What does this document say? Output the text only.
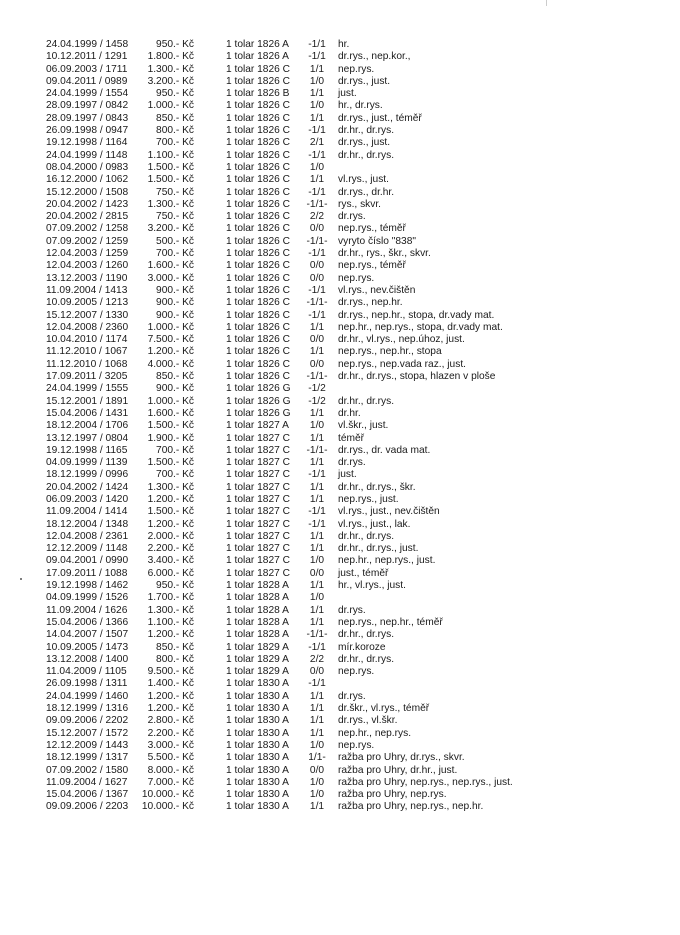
24.04.1999 / 1458	950.- Kč	1 tolar 1826 A	-1/1	hr.
10.12.2011 / 1291	1.800.- Kč	1 tolar 1826 A	-1/1	dr.rys., nep.kor.,
06.09.2003 / 1711	1.300.- Kč	1 tolar 1826 C	1/1	nep.rys.
09.04.2011 / 0989	3.200.- Kč	1 tolar 1826 C	1/0	dr.rys., just.
24.04.1999 / 1554	950.- Kč	1 tolar 1826 B	1/1	just.
28.09.1997 / 0842	1.000.- Kč	1 tolar 1826 C	1/0	hr., dr.rys.
28.09.1997 / 0843	850.- Kč	1 tolar 1826 C	1/1	dr.rys., just., téměř
26.09.1998 / 0947	800.- Kč	1 tolar 1826 C	-1/1	dr.hr., dr.rys.
19.12.1998 / 1164	700.- Kč	1 tolar 1826 C	2/1	dr.rys., just.
24.04.1999 / 1148	1.100.- Kč	1 tolar 1826 C	-1/1	dr.hr., dr.rys.
08.04.2000 / 0983	1.500.- Kč	1 tolar 1826 C	1/0
16.12.2000 / 1062	1.500.- Kč	1 tolar 1826 C	1/1	vl.rys., just.
15.12.2000 / 1508	750.- Kč	1 tolar 1826 C	-1/1	dr.rys., dr.hr.
20.04.2002 / 1423	1.300.- Kč	1 tolar 1826 C	-1/1-	rys., skvr.
20.04.2002 / 2815	750.- Kč	1 tolar 1826 C	2/2	dr.rys.
07.09.2002 / 1258	3.200.- Kč	1 tolar 1826 C	0/0	nep.rys., téměř
07.09.2002 / 1259	500.- Kč	1 tolar 1826 C	-1/1-	vyryto číslo "838"
12.04.2003 / 1259	700.- Kč	1 tolar 1826 C	-1/1	dr.hr., rys., škr., skvr.
12.04.2003 / 1260	1.600.- Kč	1 tolar 1826 C	0/0	nep.rys., téměř
13.12.2003 / 1190	3.000.- Kč	1 tolar 1826 C	0/0	nep.rys.
11.09.2004 / 1413	900.- Kč	1 tolar 1826 C	-1/1	vl.rys., nev.čištěn
10.09.2005 / 1213	900.- Kč	1 tolar 1826 C	-1/1-	dr.rys., nep.hr.
15.12.2007 / 1330	900.- Kč	1 tolar 1826 C	-1/1	dr.rys., nep.hr., stopa, dr.vady mat.
12.04.2008 / 2360	1.000.- Kč	1 tolar 1826 C	1/1	nep.hr., nep.rys., stopa, dr.vady mat.
10.04.2010 / 1174	7.500.- Kč	1 tolar 1826 C	0/0	dr.hr., vl.rys., nep.úhoz, just.
11.12.2010 / 1067	1.200.- Kč	1 tolar 1826 C	1/1	nep.rys., nep.hr., stopa
11.12.2010 / 1068	4.000.- Kč	1 tolar 1826 C	0/0	nep.rys., nep.vada raz., just.
17.09.2011 / 3205	850.- Kč	1 tolar 1826 C	-1/1-	dr.hr., dr.rys., stopa, hlazen v ploše
24.04.1999 / 1555	900.- Kč	1 tolar 1826 G	-1/2
15.12.2001 / 1891	1.000.- Kč	1 tolar 1826 G	-1/2	dr.hr., dr.rys.
15.04.2006 / 1431	1.600.- Kč	1 tolar 1826 G	1/1	dr.hr.
18.12.2004 / 1706	1.500.- Kč	1 tolar 1827 A	1/0	vl.škr., just.
13.12.1997 / 0804	1.900.- Kč	1 tolar 1827 C	1/1	téměř
19.12.1998 / 1165	700.- Kč	1 tolar 1827 C	-1/1-	dr.rys., dr. vada mat.
04.09.1999 / 1139	1.500.- Kč	1 tolar 1827 C	1/1	dr.rys.
18.12.1999 / 0996	700.- Kč	1 tolar 1827 C	-1/1	just.
20.04.2002 / 1424	1.300.- Kč	1 tolar 1827 C	1/1	dr.hr., dr.rys., škr.
06.09.2003 / 1420	1.200.- Kč	1 tolar 1827 C	1/1	nep.rys., just.
11.09.2004 / 1414	1.500.- Kč	1 tolar 1827 C	-1/1	vl.rys., just., nev.čištěn
18.12.2004 / 1348	1.200.- Kč	1 tolar 1827 C	-1/1	vl.rys., just., lak.
12.04.2008 / 2361	2.000.- Kč	1 tolar 1827 C	1/1	dr.hr., dr.rys.
12.12.2009 / 1148	2.200.- Kč	1 tolar 1827 C	1/1	dr.hr., dr.rys., just.
09.04.2001 / 0990	3.400.- Kč	1 tolar 1827 C	1/0	nep.hr., nep.rys., just.
17.09.2011 / 1088	6.000.- Kč	1 tolar 1827 C	0/0	just., téměř
19.12.1998 / 1462	950.- Kč	1 tolar 1828 A	1/1	hr., vl.rys., just.
04.09.1999 / 1526	1.700.- Kč	1 tolar 1828 A	1/0
11.09.2004 / 1626	1.300.- Kč	1 tolar 1828 A	1/1	dr.rys.
15.04.2006 / 1366	1.100.- Kč	1 tolar 1828 A	1/1	nep.rys., nep.hr., téměř
14.04.2007 / 1507	1.200.- Kč	1 tolar 1828 A	-1/1-	dr.hr., dr.rys.
10.09.2005 / 1473	850.- Kč	1 tolar 1829 A	-1/1	mír.koroze
13.12.2008 / 1400	800.- Kč	1 tolar 1829 A	2/2	dr.hr., dr.rys.
11.04.2009 / 1105	9.500.- Kč	1 tolar 1829 A	0/0	nep.rys.
26.09.1998 / 1311	1.400.- Kč	1 tolar 1830 A	-1/1
24.04.1999 / 1460	1.200.- Kč	1 tolar 1830 A	1/1	dr.rys.
18.12.1999 / 1316	1.200.- Kč	1 tolar 1830 A	1/1	dr.škr., vl.rys., téměř
09.09.2006 / 2202	2.800.- Kč	1 tolar 1830 A	1/1	dr.rys., vl.škr.
15.12.2007 / 1572	2.200.- Kč	1 tolar 1830 A	1/1	nep.hr., nep.rys.
12.12.2009 / 1443	3.000.- Kč	1 tolar 1830 A	1/0	nep.rys.
18.12.1999 / 1317	5.500.- Kč	1 tolar 1830 A	1/1-	ražba pro Uhry, dr.rys., skvr.
07.09.2002 / 1580	8.000.- Kč	1 tolar 1830 A	0/0	ražba pro Uhry, dr.hr., just.
11.09.2004 / 1627	7.000.- Kč	1 tolar 1830 A	1/0	ražba pro Uhry, nep.rys., nep.rys., just.
15.04.2006 / 1367	10.000.- Kč	1 tolar 1830 A	1/0	ražba pro Uhry, nep.rys.
09.09.2006 / 2203	10.000.- Kč	1 tolar 1830 A	1/1	ražba pro Uhry, nep.rys., nep.hr.
